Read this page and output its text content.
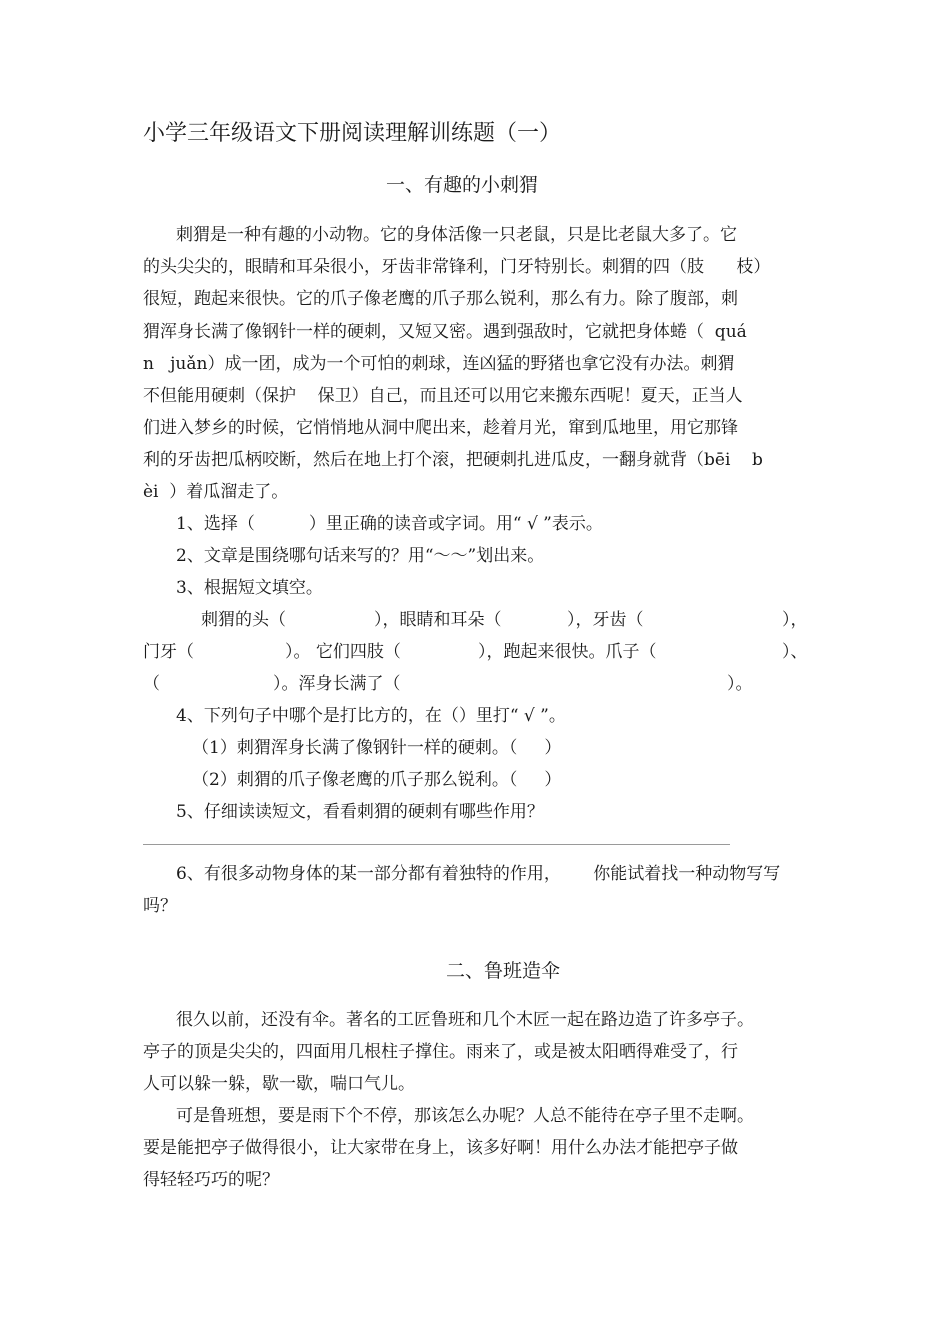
小学三年级语文下册阅读理解训练题（一）
一、有趣的小刺猬
刺猬是一种有趣的小动物。它的身体活像一只老鼠，只是比老鼠大多了。它
的头尖尖的，眼睛和耳朵很小，牙齿非常锋利，门牙特别长。刺猬的四（肢      枝）
很短，跑起来很快。它的爪子像老鹰的爪子那么锐利，那么有力。除了腹部，刺
猬浑身长满了像钢针一样的硬刺，又短又密。遇到强敌时，它就把身体蜷（  quá
n   juǎn）成一团，成为一个可怕的刺球，连凶猛的野猪也拿它没有办法。刺猬
不但能用硬刺（保护    保卫）自己，而且还可以用它来搬东西呢！夏天，正当人
们进入梦乡的时候，它悄悄地从洞中爬出来，趁着月光，窜到瓜地里，用它那锋
利的牙齿把瓜柄咬断，然后在地上打个滚，把硬刺扎进瓜皮，一翻身就背（bēi    b
èi  ）着瓜溜走了。
1、选择（          ）里正确的读音或字词。用“ √ ”表示。
2、文章是围绕哪句话来写的？用“～～”划出来。
3、根据短文填空。
刺猬的头（	），眼睛和耳朵（	），牙齿（	），
门牙（	）。 它们四肢（	），跑起来很快。爪子（	）、
（	）。浑身长满了（	）。
4、下列句子中哪个是打比方的，在（）里打“ √ ”。
（1）刺猬浑身长满了像钢针一样的硬刺。（     ）
（2）刺猬的爪子像老鹰的爪子那么锐利。（     ）
5、仔细读读短文，看看刺猬的硬刺有哪些作用？
6、有很多动物身体的某一部分都有着独特的作用，      你能试着找一种动物写写
吗？
二、鲁班造伞
很久以前，还没有伞。著名的工匠鲁班和几个木匠一起在路边造了许多亭子。
亭子的顶是尖尖的，四面用几根柱子撑住。雨来了，或是被太阳晒得难受了，行
人可以躲一躲，歇一歇，喘口气儿。
可是鲁班想，要是雨下个不停，那该怎么办呢？人总不能待在亭子里不走啊。
要是能把亭子做得很小，让大家带在身上，该多好啊！用什么办法才能把亭子做
得轻轻巧巧的呢？
